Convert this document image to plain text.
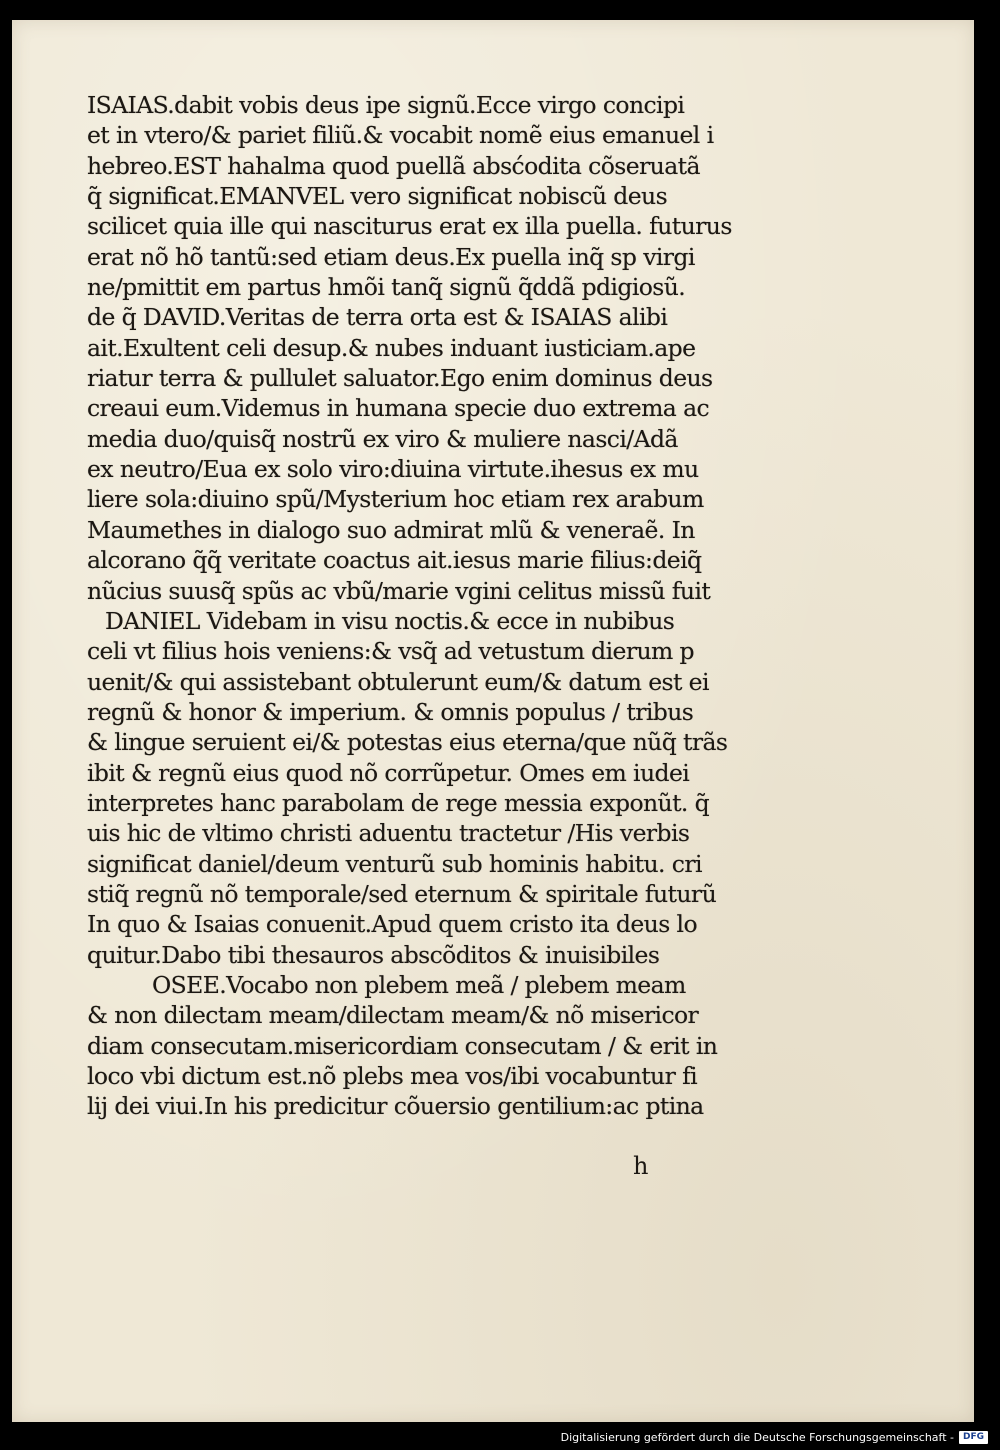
ISAIAS.dabit vobis deus ipe signũ.Ecce virgo concipi
et in vtero/& pariet filiũ.& vocabit nomẽ eius emanuel i
hebreo.EST hahalma quod puellã absćodita cõseruatã
q̃ significat.EMANVEL vero significat nobiscũ deus
scilicet quia ille qui nasciturus erat ex illa puella. futurus
erat nõ hõ tantũ:sed etiam deus.Ex puella inq̃ sp virgi
ne/pmittit em partus hmõi tanq̃ signũ q̃ddã pdigiosũ.
de q̃ DAVID.Veritas de terra orta est & ISAIAS alibi
ait.Exultent celi desup.& nubes induant iusticiam.ape
riatur terra & pullulet saluator.Ego enim dominus deus
creaui eum.Videmus in humana specie duo extrema ac
media duo/quisq̃ nostrũ ex viro & muliere nasci/Adã
ex neutro/Eua ex solo viro:diuina virtute.ihesus ex mu
liere sola:diuino spũ/Mysterium hoc etiam rex arabum
Maumethes in dialogo suo admirat mlũ & veneraẽ. In
alcorano q̃q̃ veritate coactus ait.iesus marie filius:deiq̃
nũcius suusq̃ spũs ac vbũ/marie vgini celitus missũ fuit
DANIEL Videbam in visu noctis.& ecce in nubibus
celi vt filius hois veniens:& vsq̃ ad vetustum dierum p
uenit/& qui assistebant obtulerunt eum/& datum est ei
regnũ & honor & imperium. & omnis populus / tribus
& lingue seruient ei/& potestas eius eterna/que nũq̃ trãs
ibit & regnũ eius quod nõ corrũpetur. Omes em iudei
interpretes hanc parabolam de rege messia exponũt. q̃
uis hic de vltimo christi aduentu tractetur /His verbis
significat daniel/deum venturũ sub hominis habitu. cri
stiq̃ regnũ nõ temporale/sed eternum & spiritale futurũ
In quo & Isaias conuenit.Apud quem cristo ita deus lo
quitur.Dabo tibi thesauros abscõditos & inuisibiles
OSEE.Vocabo non plebem meã / plebem meam
& non dilectam meam/dilectam meam/& nõ misericor
diam consecutam.misericordiam consecutam / & erit in
loco vbi dictum est.nõ plebs mea vos/ibi vocabuntur fi
lij dei viui.In his predicitur cõuersio gentilium:ac ptina
h
Digitalisierung gefördert durch die Deutsche Forschungsgemeinschaft -	DFG
